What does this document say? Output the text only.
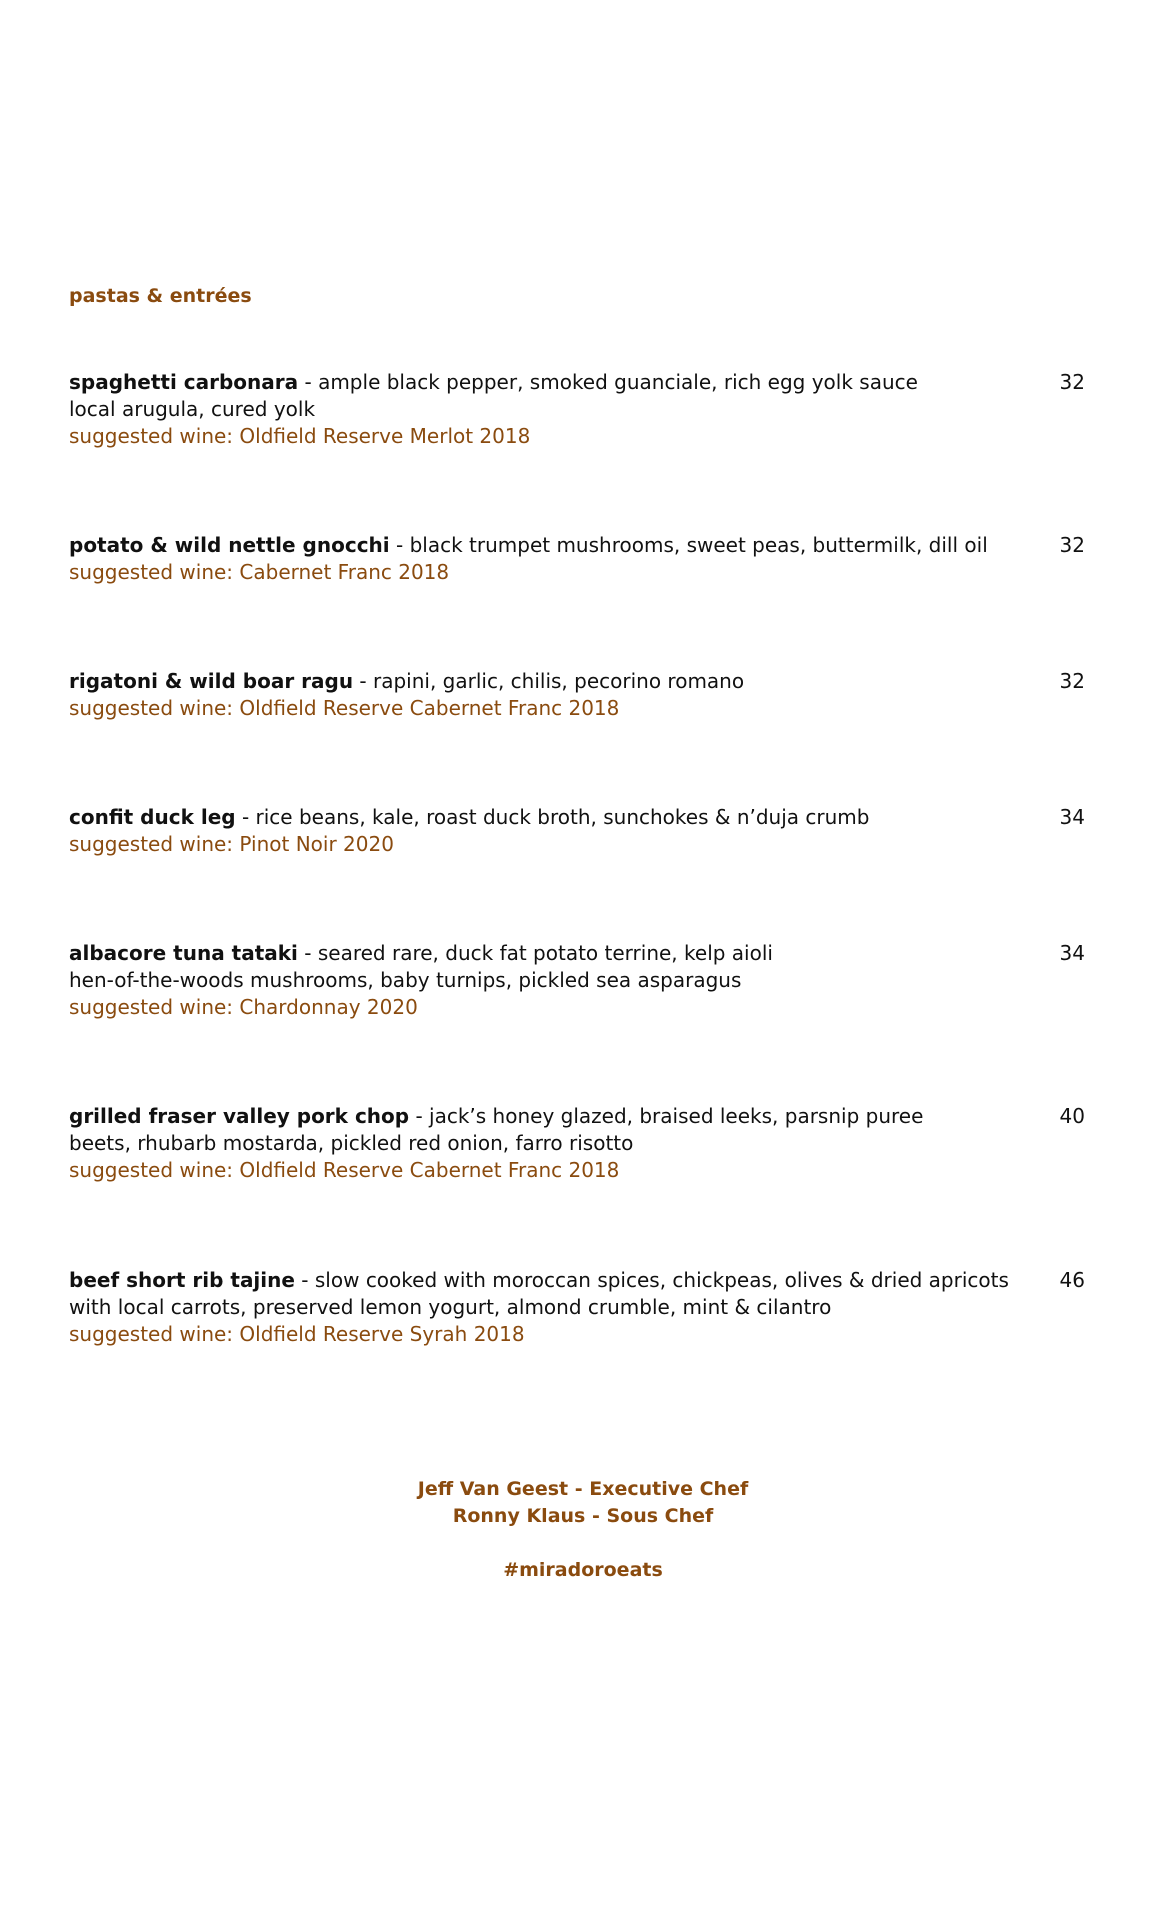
pastas & entrées
spaghetti carbonara - ample black pepper, smoked guanciale, rich egg yolk sauce
local arugula, cured yolk
suggested wine: Oldfield Reserve Merlot 2018
32
potato & wild nettle gnocchi - black trumpet mushrooms, sweet peas, buttermilk, dill oil
suggested wine: Cabernet Franc 2018
32
rigatoni & wild boar ragu - rapini, garlic, chilis, pecorino romano
suggested wine: Oldfield Reserve Cabernet Franc 2018
32
confit duck leg - rice beans, kale, roast duck broth, sunchokes & n’duja crumb
suggested wine: Pinot Noir 2020
34
albacore tuna tataki - seared rare, duck fat potato terrine, kelp aioli
hen-of-the-woods mushrooms, baby turnips, pickled sea asparagus
suggested wine: Chardonnay 2020
34
grilled fraser valley pork chop - jack’s honey glazed, braised leeks, parsnip puree
beets, rhubarb mostarda, pickled red onion, farro risotto
suggested wine: Oldfield Reserve Cabernet Franc 2018
40
beef short rib tajine - slow cooked with moroccan spices, chickpeas, olives & dried apricots
with local carrots, preserved lemon yogurt, almond crumble, mint & cilantro
suggested wine: Oldfield Reserve Syrah 2018
46
Jeff Van Geest - Executive Chef
Ronny Klaus - Sous Chef
#miradoroeats
